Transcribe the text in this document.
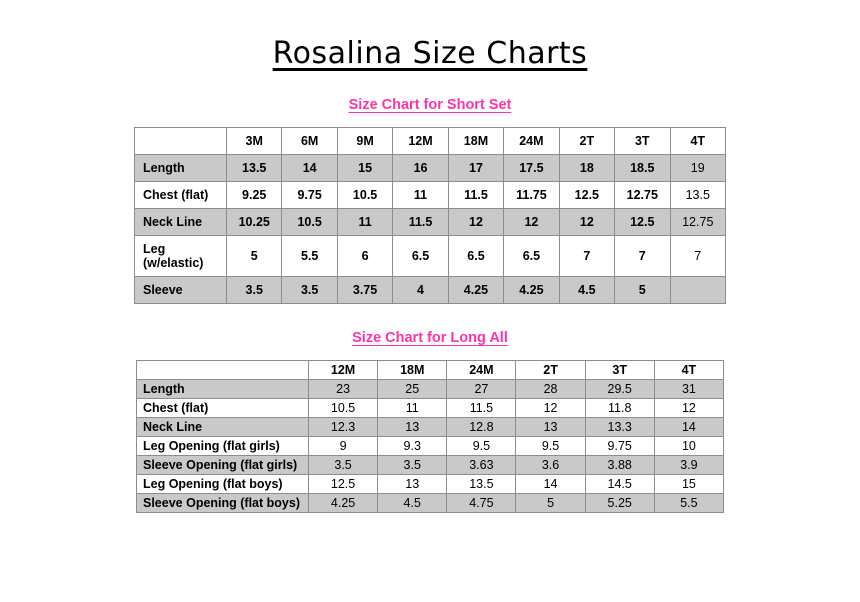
Rosalina Size Charts
Size Chart for Short Set
	3M	6M	9M	12M	18M	24M	2T	3T	4T
Length	13.5	14	15	16	17	17.5	18	18.5	19
Chest (flat)	9.25	9.75	10.5	11	11.5	11.75	12.5	12.75	13.5
Neck Line	10.25	10.5	11	11.5	12	12	12	12.5	12.75
Leg (w/elastic)	5	5.5	6	6.5	6.5	6.5	7	7	7
Sleeve	3.5	3.5	3.75	4	4.25	4.25	4.5	5	
Size Chart for Long All
	12M	18M	24M	2T	3T	4T
Length	23	25	27	28	29.5	31
Chest (flat)	10.5	11	11.5	12	11.8	12
Neck Line	12.3	13	12.8	13	13.3	14
Leg Opening (flat girls)	9	9.3	9.5	9.5	9.75	10
Sleeve Opening (flat girls)	3.5	3.5	3.63	3.6	3.88	3.9
Leg Opening (flat boys)	12.5	13	13.5	14	14.5	15
Sleeve Opening (flat boys)	4.25	4.5	4.75	5	5.25	5.5
